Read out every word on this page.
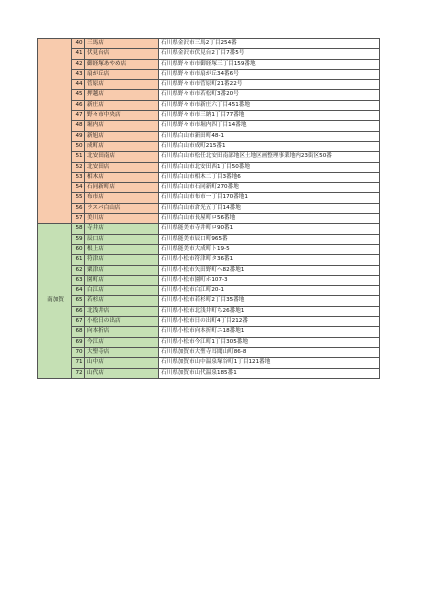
	40	三馬店	石川県金沢市三馬2丁目254番
	41	伏見台店	石川県金沢市伏見台2丁目7番5号
	42	御経塚あやめ店	石川県野々市市御経塚三丁目159番地
	43	扇が丘店	石川県野々市市扇が丘34番6号
	44	菅原店	石川県野々市市菅原町21番22号
	45	押越店	石川県野々市市若松町3番20号
	46	新庄店	石川県野々市市新庄六丁目451番地
	47	野々市中央店	石川県野々市市三納1丁目77番地
	48	堀内店	石川県野々市市堀内四丁目14番地
	49	新旭店	石川県白山市新田町48-1
	50	成町店	石川県白山市成町215番1
	51	北安田南店	石川県白山市松任北安田南部地区土地区画整理事業地内23街区50番
	52	北安田店	石川県白山市北安田西1丁目50番地
	53	相木店	石川県白山市相木二丁目3番地6
	54	石同新町店	石川県白山市石同新町270番地
	55	布市店	石川県白山市布市一丁目170番地1
	56	ラスパ白山店	石川県白山市倉光五丁目14番地
	57	美川店	石川県白山市長屋町ロ56番地
南加賀	58	寺井店	石川県能美市寺井町ロ90番1
	59	辰口店	石川県能美市辰口町965番
	60	根上店	石川県能美市大成町ト19-5
	61	符津店	石川県小松市符津町タ36番1
	62	粟津店	石川県小松市矢田野町ヘ82番地1
	63	園町店	石川県小松市園町ホ107-3
	64	白江店	石川県小松市白江町20-1
	65	若杉店	石川県小松市若杉町2丁目35番地
	66	北浅井店	石川県小松市北浅井町ち26番地1
	67	小松日の出店	石川県小松市日の出町4丁目212番
	68	向本折店	石川県小松市向本折町ニ18番地1
	69	今江店	石川県小松市今江町1丁目305番地
	70	大聖寺店	石川県加賀市大聖寺耳聞山町86-8
	71	山中店	石川県加賀市山中温泉塚谷町1丁目121番地
	72	山代店	石川県加賀市山代温泉185番1
